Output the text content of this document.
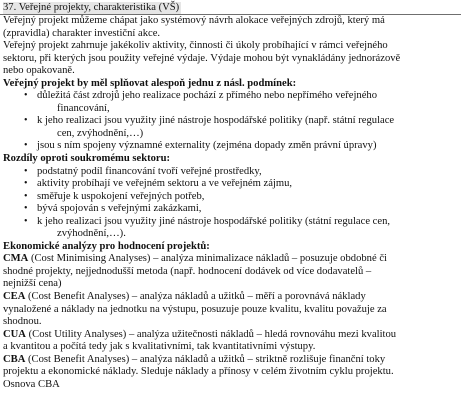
37. Veřejné projekty, charakteristika (VŠ)

Veřejný projekt můžeme chápat jako systémový návrh alokace veřejných zdrojů, který má
(zpravidla) charakter investiční akce.

Veřejný projekt zahrnuje jakékoliv aktivity, činnosti či úkoly probíhající v rámci veřejného
sektoru, při kterých jsou použity veřejné výdaje. Výdaje mohou být vynakládány jednorázově
nebo opakovaně.

Veřejný projekt by měl splňovat alespoň jednu z násl. podmínek:

• důležitá část zdrojů jeho realizace pochází z přímého nebo nepřímého veřejného
financování,
• k jeho realizaci jsou využity jiné nástroje hospodářské politiky (např. státní regulace
cen, zvýhodnění,…)
• jsou s ním spojeny významné externality (zejména dopady změn právní úpravy)

Rozdíly oproti soukromému sektoru:

• podstatný podíl financování tvoří veřejné prostředky,
• aktivity probíhají ve veřejném sektoru a ve veřejném zájmu,
• směřuje k uspokojení veřejných potřeb,
• bývá spojován s veřejnými zakázkami,
• k jeho realizaci jsou využity jiné nástroje hospodářské politiky (státní regulace cen,
zvýhodnění,…).

Ekonomické analýzy pro hodnocení projektů:

CMA (Cost Minimising Analyses) – analýza minimalizace nákladů – posuzuje obdobné či
shodné projekty, nejjednodušší metoda (např. hodnocení dodávek od více dodavatelů –
nejnižší cena)

CEA (Cost Benefit Analyses) – analýza nákladů a užitků – měří a porovnává náklady
vynaložené a náklady na jednotku na výstupu, posuzuje pouze kvalitu, kvalitu považuje za
shodnou.

CUA (Cost Utility Analyses) – analýza užitečnosti nákladů – hledá rovnováhu mezi kvalitou
a kvantitou a počítá tedy jak s kvalitativními, tak kvantitativními výstupy.

CBA (Cost Benefit Analyses) – analýza nákladů a užitků – striktně rozlišuje finanční toky
projektu a ekonomické náklady. Sleduje náklady a přínosy v celém životním cyklu projektu.

Osnova CBA
